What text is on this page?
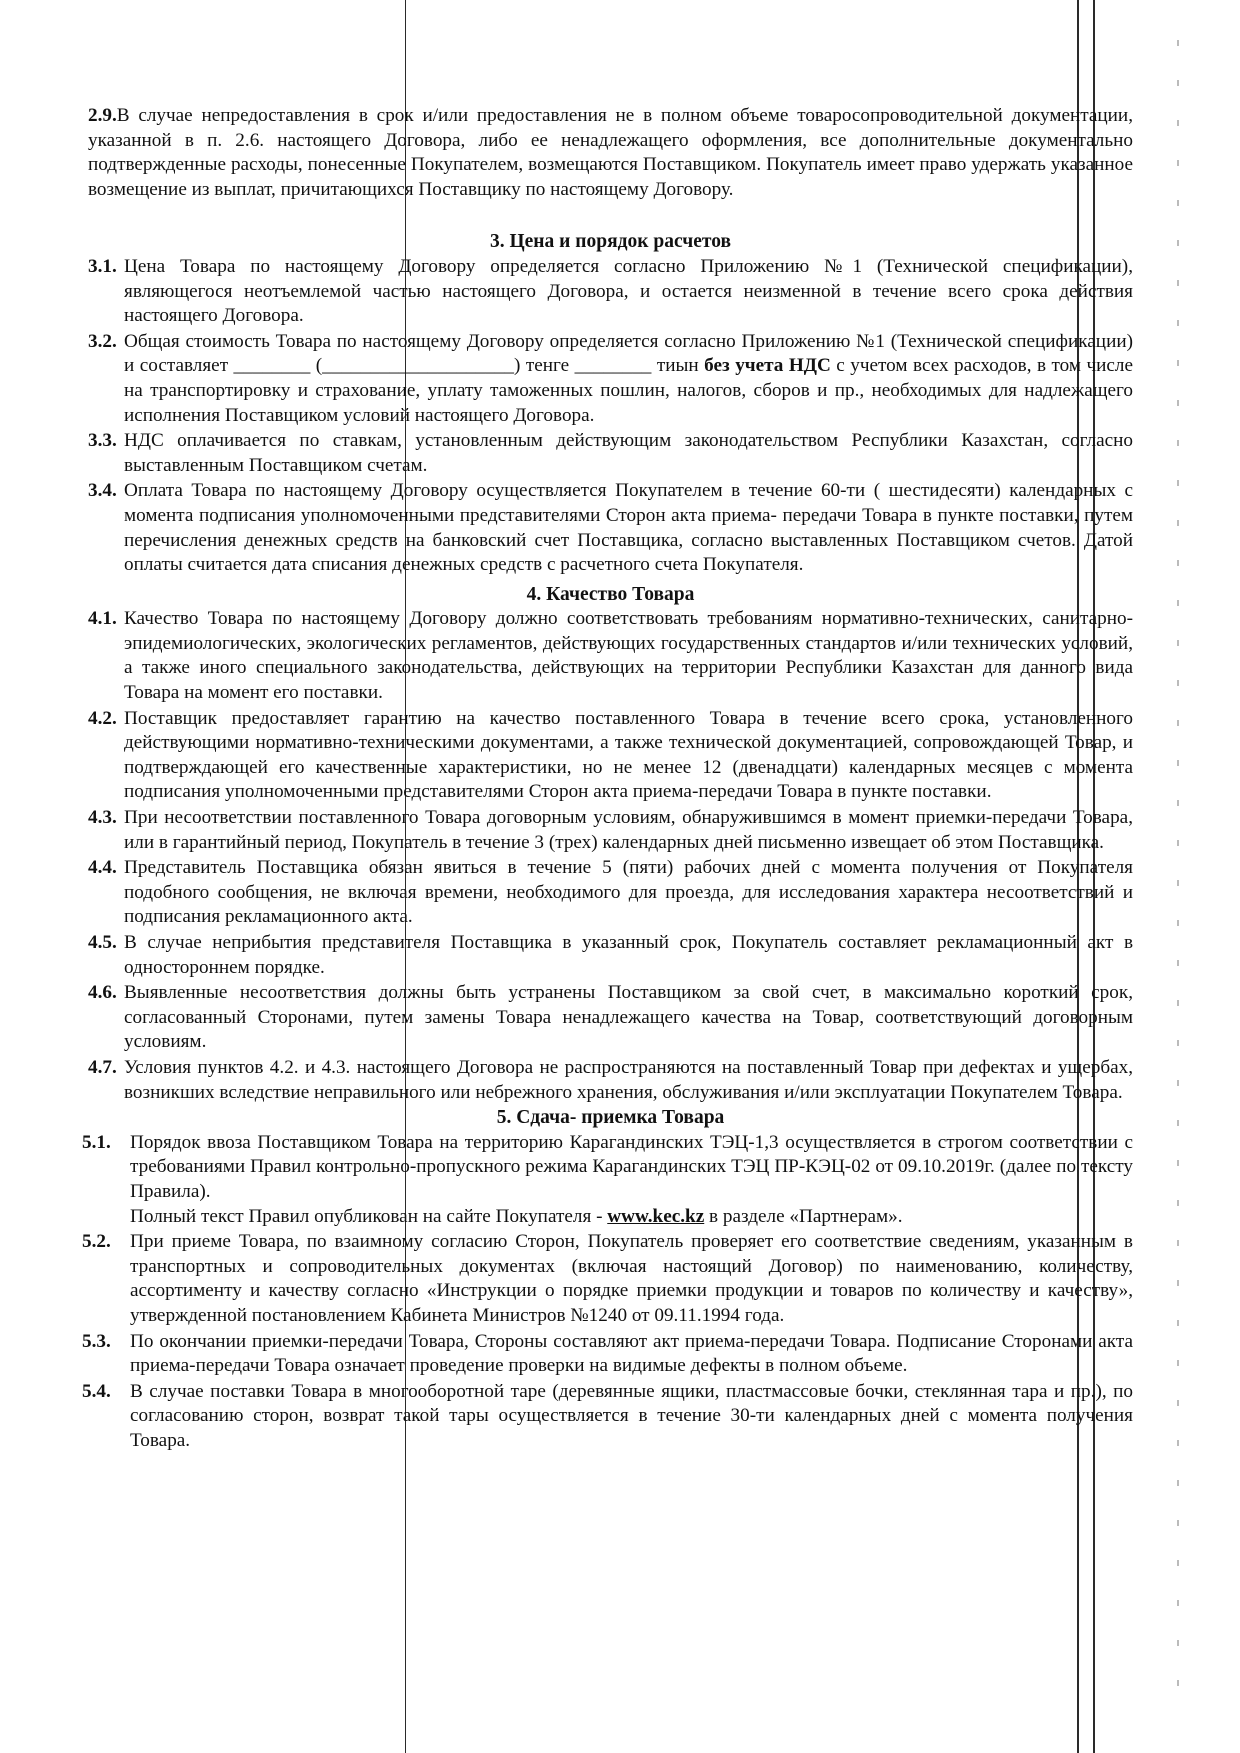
2.9.В случае непредоставления в срок и/или предоставления не в полном объеме товаросопроводительной документации, указанной в п. 2.6. настоящего Договора, либо ее ненадлежащего оформления, все дополнительные документально подтвержденные расходы, понесенные Покупателем, возмещаются Поставщиком. Покупатель имеет право удержать указанное возмещение из выплат, причитающихся Поставщику по настоящему Договору.

3. Цена и порядок расчетов

3.1. Цена Товара по настоящему Договору определяется согласно Приложению №1 (Технической спецификации), являющегося неотъемлемой частью настоящего Договора, и остается неизменной в течение всего срока действия настоящего Договора.

3.2. Общая стоимость Товара по настоящему Договору определяется согласно Приложению №1 (Технической спецификации) и составляет ________ (____________________) тенге ________ тиын без учета НДС с учетом всех расходов, в том числе на транспортировку и страхование, уплату таможенных пошлин, налогов, сборов и пр., необходимых для надлежащего исполнения Поставщиком условий настоящего Договора.

3.3. НДС оплачивается по ставкам, установленным действующим законодательством Республики Казахстан, согласно выставленным Поставщиком счетам.

3.4. Оплата Товара по настоящему Договору осуществляется Покупателем в течение 60-ти ( шестидесяти) календарных с момента подписания уполномоченными представителями Сторон акта приема- передачи Товара в пункте поставки, путем перечисления денежных средств на банковский счет Поставщика, согласно выставленных Поставщиком счетов. Датой оплаты считается дата списания денежных средств с расчетного счета Покупателя.

4. Качество Товара

4.1. Качество Товара по настоящему Договору должно соответствовать требованиям нормативно-технических, санитарно-эпидемиологических, экологических регламентов, действующих государственных стандартов и/или технических условий, а также иного специального законодательства, действующих на территории Республики Казахстан для данного вида Товара на момент его поставки.

4.2. Поставщик предоставляет гарантию на качество поставленного Товара в течение всего срока, установленного действующими нормативно-техническими документами, а также технической документацией, сопровождающей Товар, и подтверждающей его качественные характеристики, но не менее 12 (двенадцати) календарных месяцев с момента подписания уполномоченными представителями Сторон акта приема-передачи Товара в пункте поставки.

4.3. При несоответствии поставленного Товара договорным условиям, обнаружившимся в момент приемки-передачи Товара, или в гарантийный период, Покупатель в течение 3 (трех) календарных дней письменно извещает об этом Поставщика.

4.4. Представитель Поставщика обязан явиться в течение 5 (пяти) рабочих дней с момента получения от Покупателя подобного сообщения, не включая времени, необходимого для проезда, для исследования характера несоответствий и подписания рекламационного акта.

4.5. В случае неприбытия представителя Поставщика в указанный срок, Покупатель составляет рекламационный акт в одностороннем порядке.

4.6. Выявленные несоответствия должны быть устранены Поставщиком за свой счет, в максимально короткий срок, согласованный Сторонами, путем замены Товара ненадлежащего качества на Товар, соответствующий договорным условиям.

4.7. Условия пунктов 4.2. и 4.3. настоящего Договора не распространяются на поставленный Товар при дефектах и ущербах, возникших вследствие неправильного или небрежного хранения, обслуживания и/или эксплуатации Покупателем Товара.

5. Сдача- приемка Товара

5.1. Порядок ввоза Поставщиком Товара на территорию Карагандинских ТЭЦ-1,3 осуществляется в строгом соответствии с требованиями Правил контрольно-пропускного режима Карагандинских ТЭЦ ПР-КЭЦ-02 от 09.10.2019г. (далее по тексту Правила).
Полный текст Правил опубликован на сайте Покупателя - www.kec.kz в разделе «Партнерам».

5.2. При приеме Товара, по взаимному согласию Сторон, Покупатель проверяет его соответствие сведениям, указанным в транспортных и сопроводительных документах (включая настоящий Договор) по наименованию, количеству, ассортименту и качеству согласно «Инструкции о порядке приемки продукции и товаров по количеству и качеству», утвержденной постановлением Кабинета Министров №1240 от 09.11.1994 года.

5.3. По окончании приемки-передачи Товара, Стороны составляют акт приема-передачи Товара. Подписание Сторонами акта приема-передачи Товара означает проведение проверки на видимые дефекты в полном объеме.

5.4. В случае поставки Товара в многооборотной таре (деревянные ящики, пластмассовые бочки, стеклянная тара и пр.), по согласованию сторон, возврат такой тары осуществляется в течение 30-ти календарных дней с момента получения Товара.
